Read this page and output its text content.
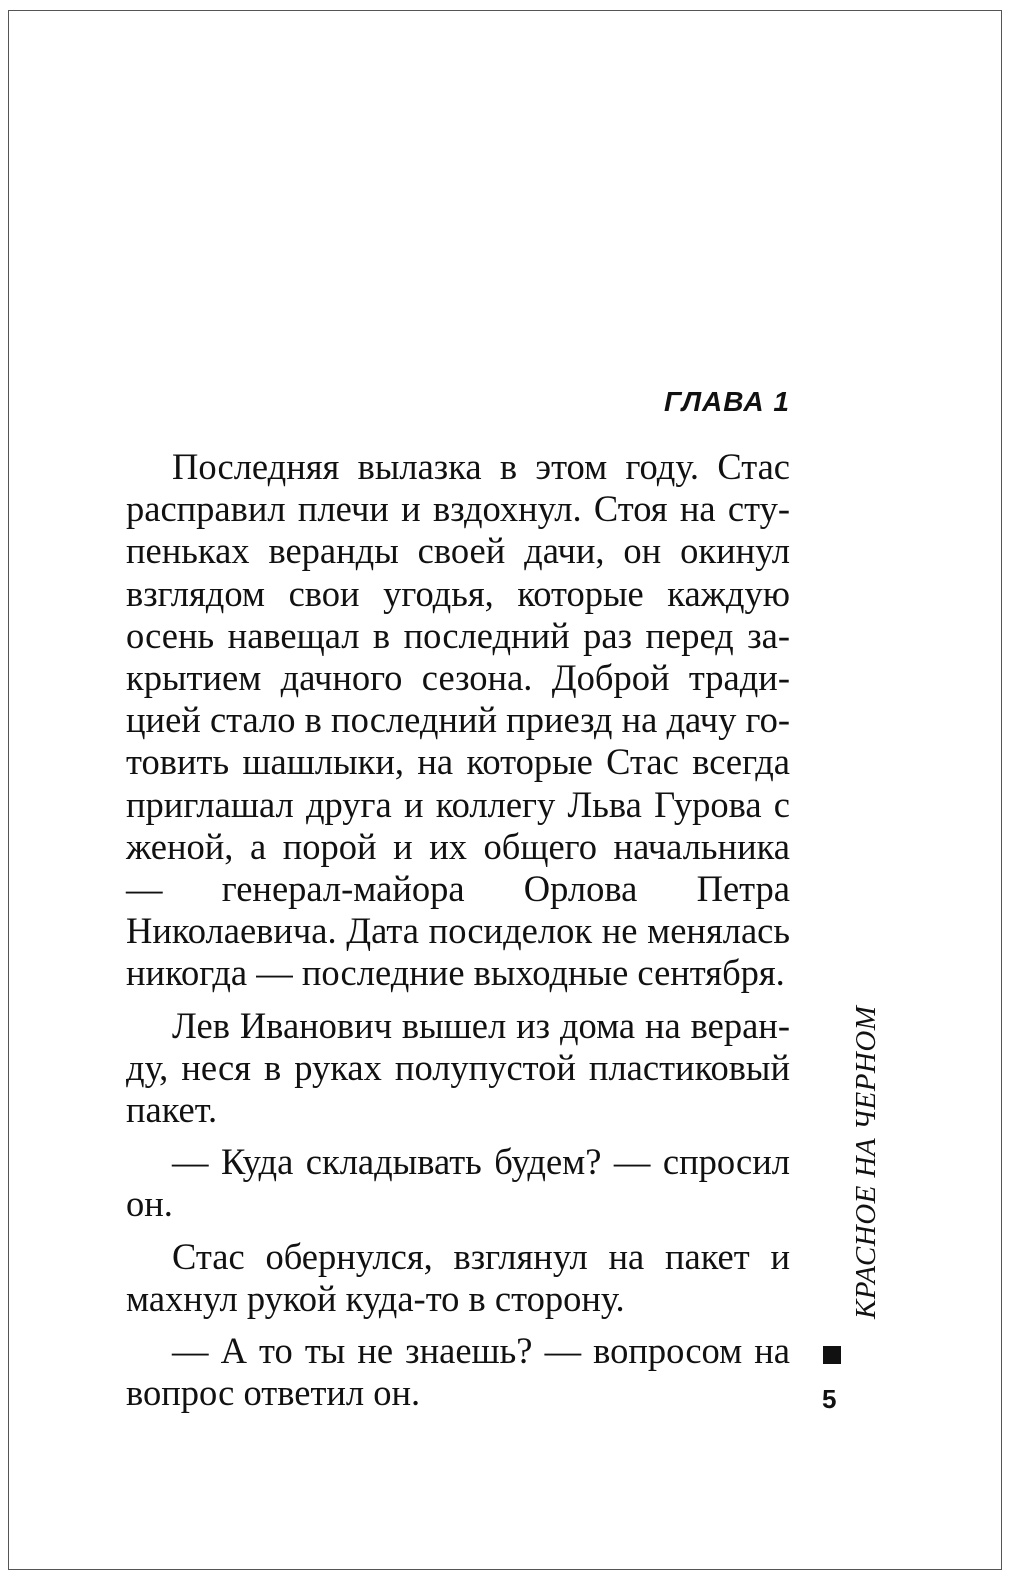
ГЛАВА 1

Последняя вылазка в этом году. Стас расправил плечи и вздохнул. Стоя на ступеньках веранды своей дачи, он окинул взглядом свои угодья, которые каждую осень навещал в последний раз перед закрытием дачного сезона. Доброй традицией стало в последний приезд на дачу готовить шашлыки, на которые Стас всегда приглашал друга и коллегу Льва Гурова с женой, а порой и их общего начальника — генерал-майора Орлова Петра Николаевича. Дата посиделок не менялась никогда — последние выходные сентября.

Лев Иванович вышел из дома на веранду, неся в руках полупустой пластиковый пакет.

— Куда складывать будем? — спросил он.

Стас обернулся, взглянул на пакет и махнул рукой куда-то в сторону.

— А то ты не знаешь? — вопросом на вопрос ответил он.

КРАСНОЕ НА ЧЕРНОМ
5
